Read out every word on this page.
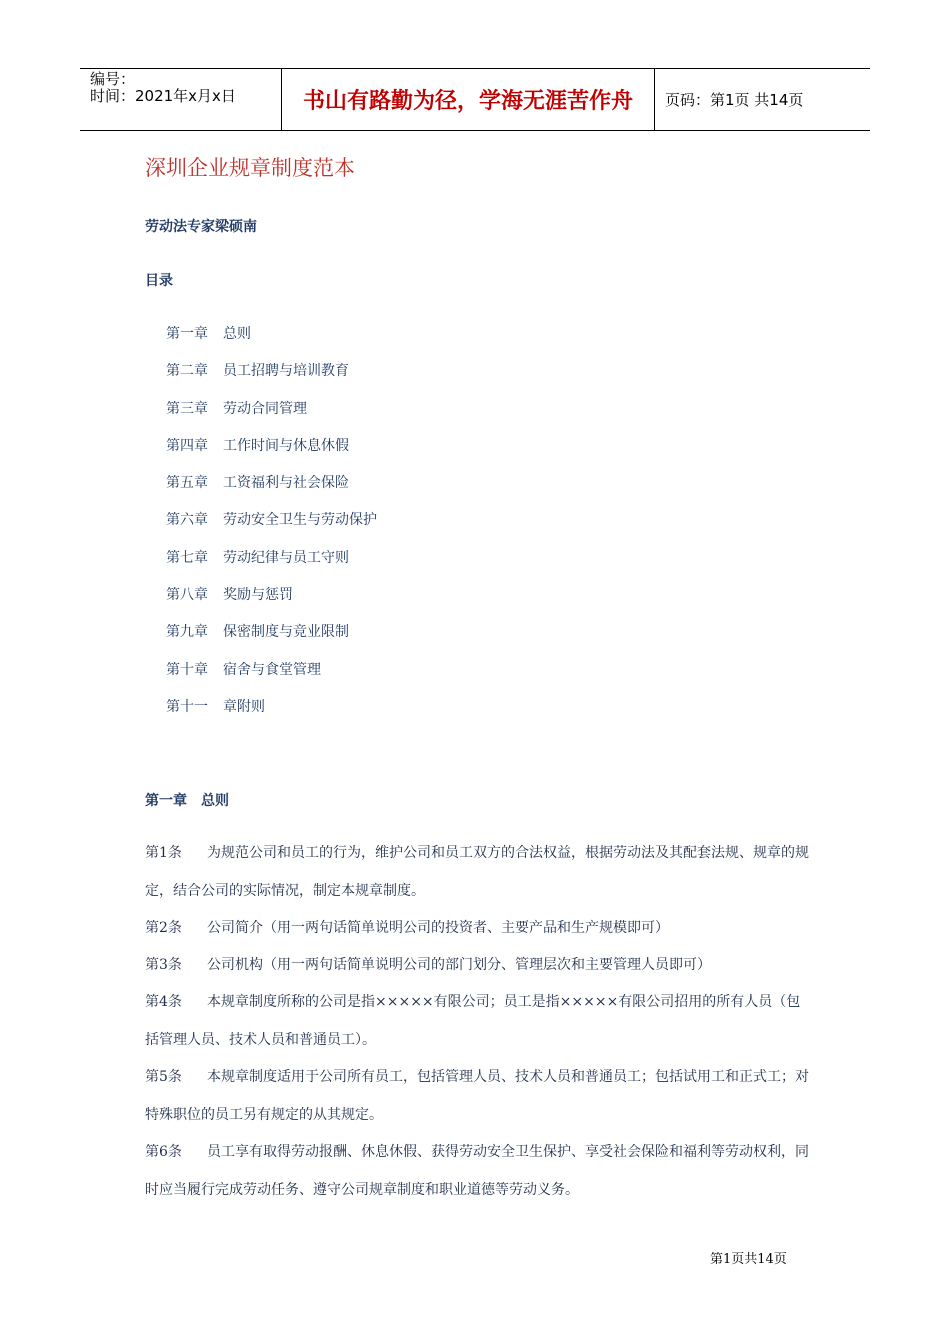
编号：
时间：2021年x月x日	书山有路勤为径，学海无涯苦作舟	页码：第1页 共14页
深圳企业规章制度范本
劳动法专家梁硕南
目录
第一章	总则
第二章	员工招聘与培训教育
第三章	劳动合同管理
第四章	工作时间与休息休假
第五章	工资福利与社会保险
第六章	劳动安全卫生与劳动保护
第七章	劳动纪律与员工守则
第八章	奖励与惩罚
第九章	保密制度与竞业限制
第十章	宿舍与食堂管理
第十一	章附则
第一章 总则
第1条 为规范公司和员工的行为，维护公司和员工双方的合法权益，根据劳动法及其配套法规、规章的规定，结合公司的实际情况，制定本规章制度。
第2条 公司简介（用一两句话简单说明公司的投资者、主要产品和生产规模即可）
第3条 公司机构（用一两句话简单说明公司的部门划分、管理层次和主要管理人员即可）
第4条 本规章制度所称的公司是指×××××有限公司；员工是指×××××有限公司招用的所有人员（包括管理人员、技术人员和普通员工）。
第5条 本规章制度适用于公司所有员工，包括管理人员、技术人员和普通员工；包括试用工和正式工；对特殊职位的员工另有规定的从其规定。
第6条 员工享有取得劳动报酬、休息休假、获得劳动安全卫生保护、享受社会保险和福利等劳动权利，同时应当履行完成劳动任务、遵守公司规章制度和职业道德等劳动义务。
第1页共14页
